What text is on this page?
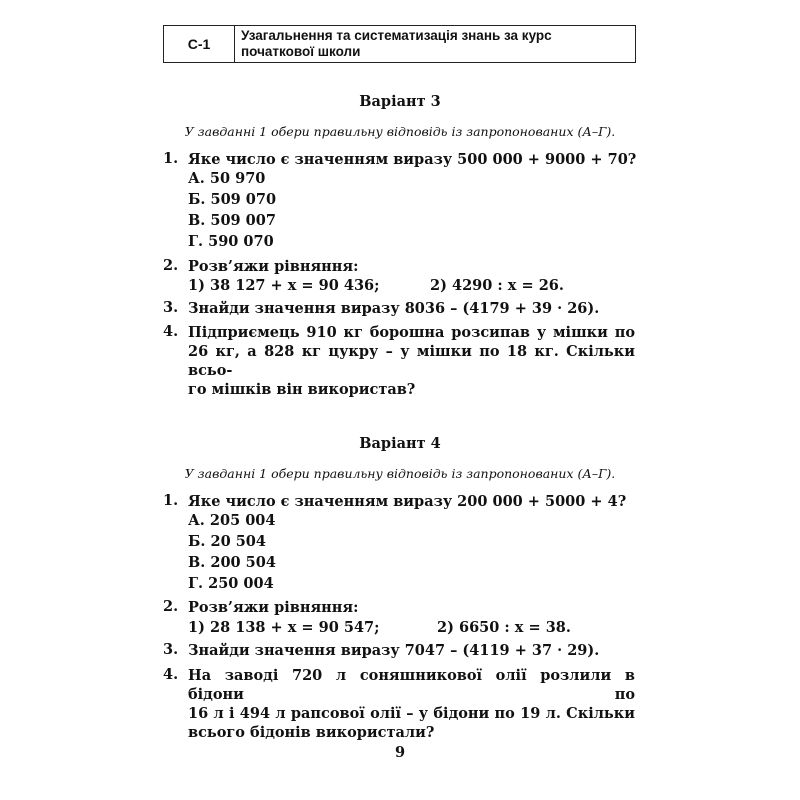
С-1
Узагальнення та систематизація знань за курс
початкової школи
Варіант 3
У завданні 1 обери правильну відповідь із запропонованих (А–Г).
1. Яке число є значенням виразу 500 000 + 9000 + 70?
А. 50 970
Б. 509 070
В. 509 007
Г. 590 070
2. Розв’яжи рівняння:
1) 38 127 + x = 90 436;	2) 4290 : x = 26.
3. Знайди значення виразу 8036 – (4179 + 39 · 26).
4. Підприємець 910 кг борошна розсипав у мішки по
26 кг, а 828 кг цукру – у мішки по 18 кг. Скільки всьо-
го мішків він використав?
Варіант 4
У завданні 1 обери правильну відповідь із запропонованих (А–Г).
1. Яке число є значенням виразу 200 000 + 5000 + 4?
А. 205 004
Б. 20 504
В. 200 504
Г. 250 004
2. Розв’яжи рівняння:
1) 28 138 + x = 90 547;	2) 6650 : x = 38.
3. Знайди значення виразу 7047 – (4119 + 37 · 29).
4. На заводі 720 л соняшникової олії розлили в бідони по
16 л і 494 л рапсової олії – у бідони по 19 л. Скільки
всього бідонів використали?
9
